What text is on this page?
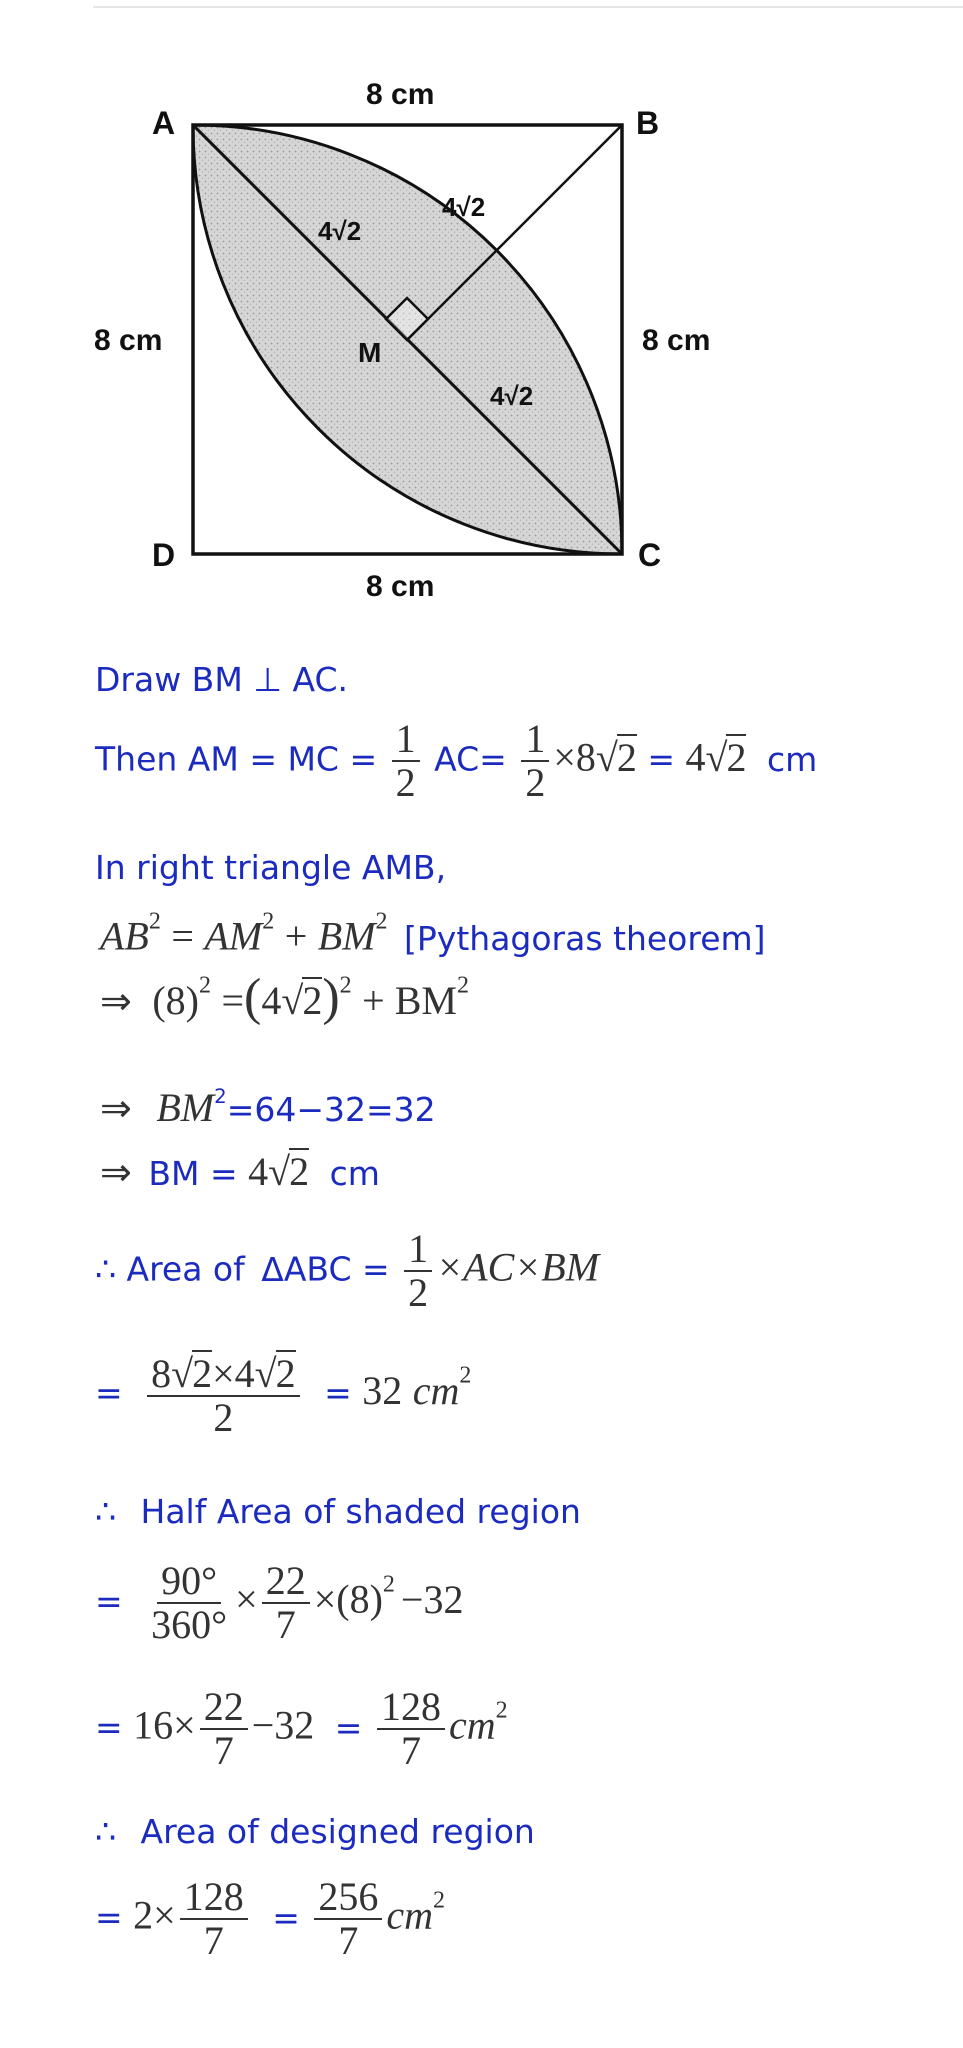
A	B
C
D
M
8 cm
8 cm	8 cm
8 cm
4√2
4√2
4√2
Draw BM ⊥ AC.
Then AM = MC = $\frac{1}{2} AC= \frac{1}{2} \times 8√2 = 4√2$ cm
In right triangle AMB,
$AB^2 = AM^2 + BM^2$ [Pythagoras theorem]
⇒ $(8)^2 =(4√2)^2 + BM^2$
⇒ $BM^2=64-32=32$
⇒ BM = 4√2 cm
∴ Area of $\Delta ABC = \frac{1}{2} \times AC\times BM$
= $\frac{8√2\times 4√2}{2} = 32$ $cm^2$
∴ Half Area of shaded region
= $\frac{90^\circ}{360^\circ} \times \frac{22}{7} \times(8)^2 -32$
= $16\times \frac{22}{7} -32 = \frac{128}{7} cm^2$
∴ Area of designed region
= $2\times \frac{128}{7} = \frac{256}{7} cm^2$
